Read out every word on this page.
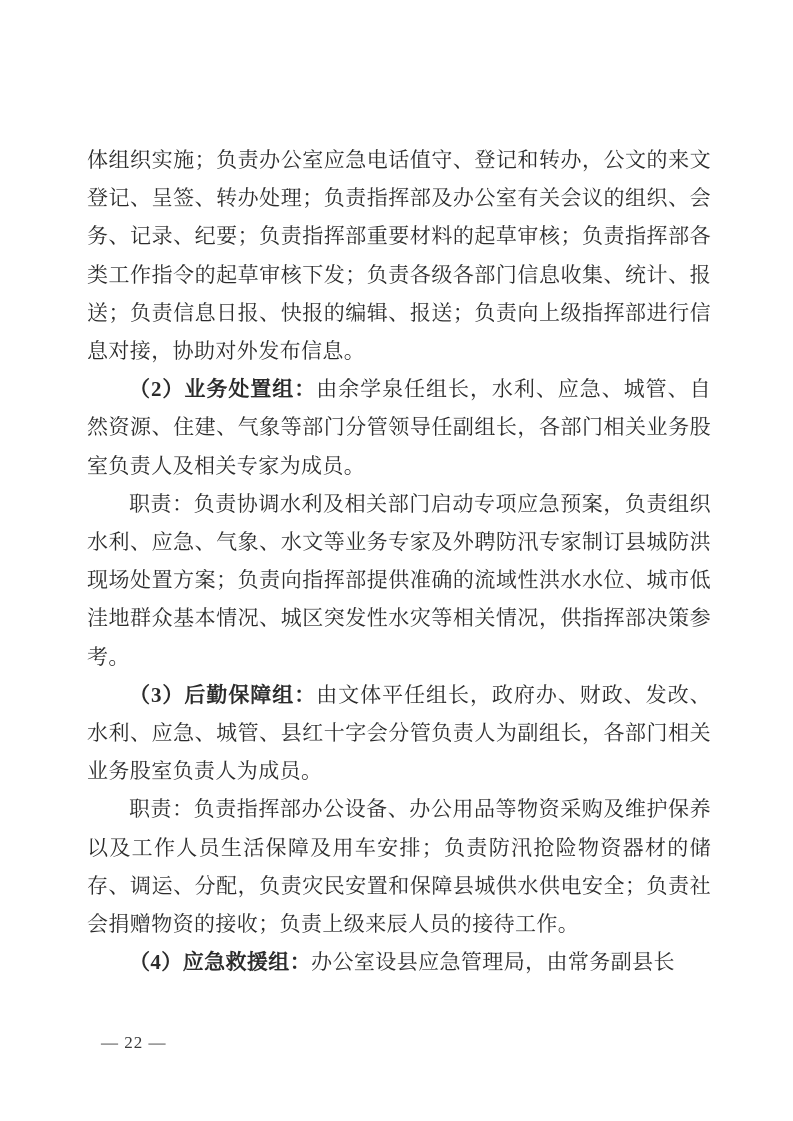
体组织实施；负责办公室应急电话值守、登记和转办，公文的来文登记、呈签、转办处理；负责指挥部及办公室有关会议的组织、会务、记录、纪要；负责指挥部重要材料的起草审核；负责指挥部各类工作指令的起草审核下发；负责各级各部门信息收集、统计、报送；负责信息日报、快报的编辑、报送；负责向上级指挥部进行信息对接，协助对外发布信息。

（2）业务处置组：由余学泉任组长，水利、应急、城管、自然资源、住建、气象等部门分管领导任副组长，各部门相关业务股室负责人及相关专家为成员。

职责：负责协调水利及相关部门启动专项应急预案，负责组织水利、应急、气象、水文等业务专家及外聘防汛专家制订县城防洪现场处置方案；负责向指挥部提供准确的流域性洪水水位、城市低洼地群众基本情况、城区突发性水灾等相关情况，供指挥部决策参考。

（3）后勤保障组：由文体平任组长，政府办、财政、发改、水利、应急、城管、县红十字会分管负责人为副组长，各部门相关业务股室负责人为成员。

职责：负责指挥部办公设备、办公用品等物资采购及维护保养以及工作人员生活保障及用车安排；负责防汛抢险物资器材的储存、调运、分配，负责灾民安置和保障县城供水供电安全；负责社会捐赠物资的接收；负责上级来辰人员的接待工作。

（4）应急救援组：办公室设县应急管理局，由常务副县长

— 22 —
